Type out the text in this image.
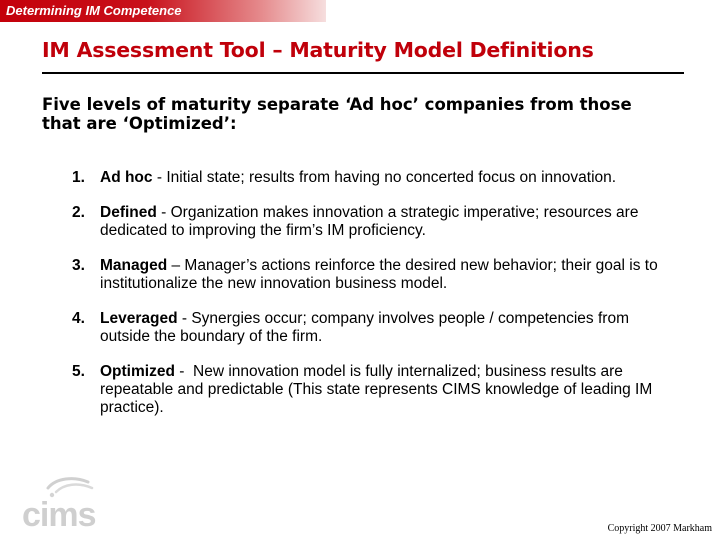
Determining IM Competence
IM Assessment Tool – Maturity Model Definitions
Five levels of maturity separate ‘Ad hoc’ companies from those that are ‘Optimized’:
1. Ad hoc - Initial state; results from having no concerted focus on innovation.
2. Defined - Organization makes innovation a strategic imperative; resources are dedicated to improving the firm’s IM proficiency.
3. Managed – Manager’s actions reinforce the desired new behavior; their goal is to institutionalize the new innovation business model.
4. Leveraged - Synergies occur; company involves people / competencies from outside the boundary of the firm.
5. Optimized -  New innovation model is fully internalized; business results are repeatable and predictable (This state represents CIMS knowledge of leading IM practice).
cims	Copyright 2007 Markham
